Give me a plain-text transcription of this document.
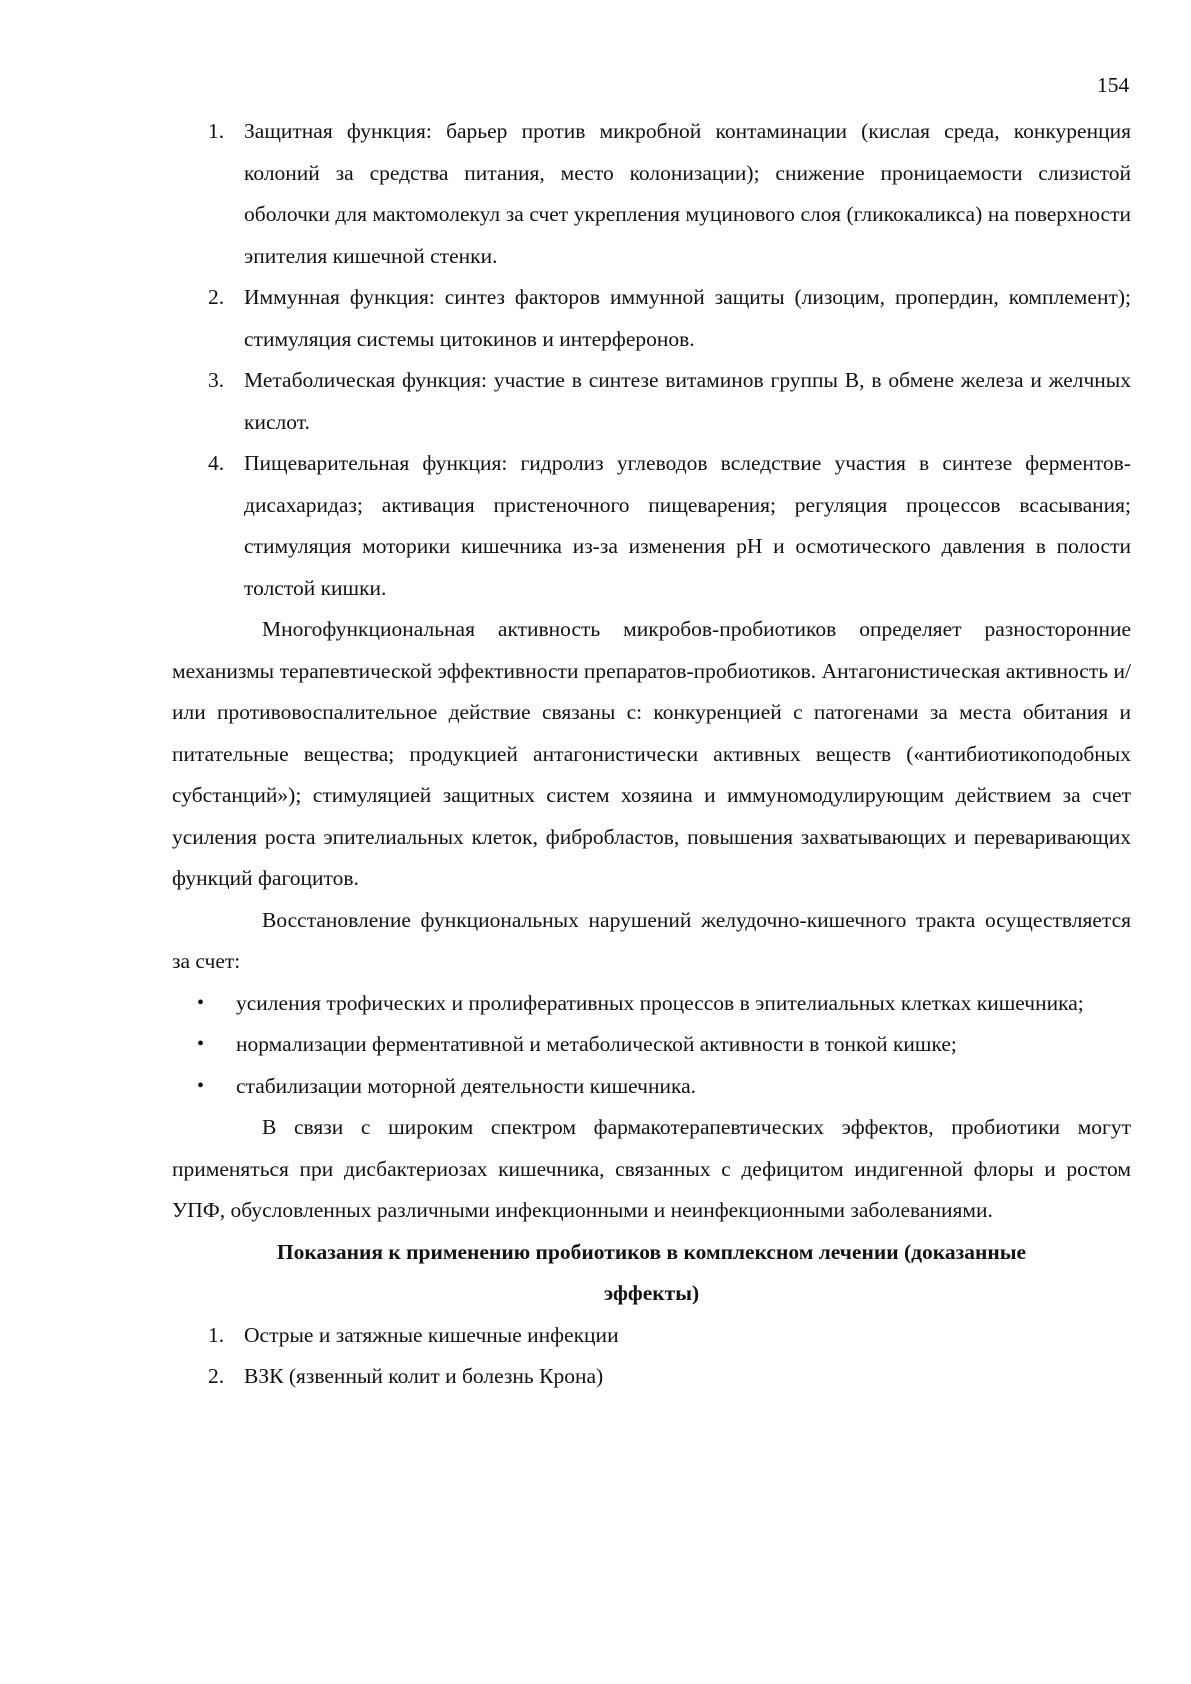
154
1. Защитная функция: барьер против микробной контаминации (кислая среда, конкуренция колоний за средства питания, место колонизации); снижение проницаемости слизистой оболочки для мактомолекул за счет укрепления муцинового слоя (гликокаликса) на поверхности эпителия кишечной стенки.
2. Иммунная функция: синтез факторов иммунной защиты (лизоцим, пропердин, комплемент); стимуляция системы цитокинов и интерферонов.
3. Метаболическая функция: участие в синтезе витаминов группы В, в обмене железа и желчных кислот.
4. Пищеварительная функция: гидролиз углеводов вследствие участия в синтезе ферментов-дисахаридаз; активация пристеночного пищеварения; регуляция процессов всасывания; стимуляция моторики кишечника из-за изменения pH и осмотического давления в полости толстой кишки.

Многофункциональная активность микробов-пробиотиков определяет разносторонние механизмы терапевтической эффективности препаратов-пробиотиков. Антагонистическая активность и/или противовоспалительное действие связаны с: конкуренцией с патогенами за места обитания и питательные вещества; продукцией антагонистически активных веществ («антибиотикоподобных субстанций»); стимуляцией защитных систем хозяина и иммуномодулирующим действием за счет усиления роста эпителиальных клеток, фибробластов, повышения захватывающих и переваривающих функций фагоцитов.

Восстановление функциональных нарушений желудочно-кишечного тракта осуществляется за счет:

• усиления трофических и пролиферативных процессов в эпителиальных клетках кишечника;
• нормализации ферментативной и метаболической активности в тонкой кишке;
• стабилизации моторной деятельности кишечника.

В связи с широким спектром фармакотерапевтических эффектов, пробиотики могут применяться при дисбактериозах кишечника, связанных с дефицитом индигенной флоры и ростом УПФ, обусловленных различными инфекционными и неинфекционными заболеваниями.

Показания к применению пробиотиков в комплексном лечении (доказанные эффекты)

1. Острые и затяжные кишечные инфекции
2. ВЗК (язвенный колит и болезнь Крона)
